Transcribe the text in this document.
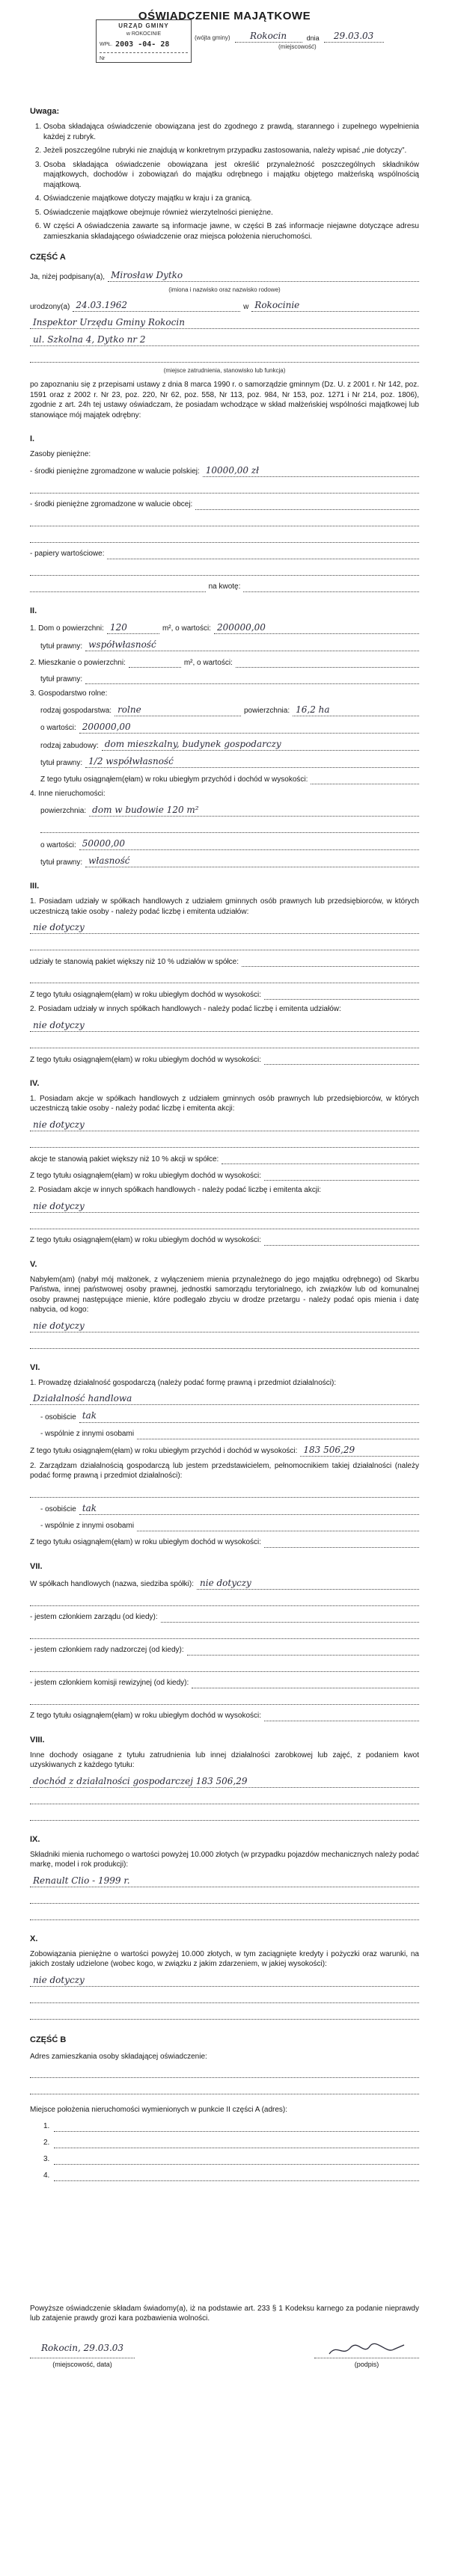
OŚWIADCZENIE MAJĄTKOWE
URZĄD GMINY
w ROKOCINIE
WPŁ. 2003 -04- 28
Nr
(wójta gminy)	Rokocin	dnia	29.03.03
(miejscowość)
Uwaga:
1. Osoba składająca oświadczenie obowiązana jest do zgodnego z prawdą, starannego i zupełnego wypełnienia każdej z rubryk.
2. Jeżeli poszczególne rubryki nie znajdują w konkretnym przypadku zastosowania, należy wpisać „nie dotyczy”.
3. Osoba składająca oświadczenie obowiązana jest określić przynależność poszczególnych składników majątkowych, dochodów i zobowiązań do majątku odrębnego i majątku objętego małżeńską wspólnością majątkową.
4. Oświadczenie majątkowe dotyczy majątku w kraju i za granicą.
5. Oświadczenie majątkowe obejmuje również wierzytelności pieniężne.
6. W części A oświadczenia zawarte są informacje jawne, w części B zaś informacje niejawne dotyczące adresu zamieszkania składającego oświadczenie oraz miejsca położenia nieruchomości.
CZĘŚĆ A
Ja, niżej podpisany(a), Mirosław Dytko
(imiona i nazwisko oraz nazwisko rodowe)
urodzony(a) 24.03.1962	w Rokocinie
Inspektor Urzędu Gminy Rokocin
ul. Szkolna 4, Dytko nr 2
(miejsce zatrudnienia, stanowisko lub funkcja)
po zapoznaniu się z przepisami ustawy z dnia 8 marca 1990 r. o samorządzie gminnym (Dz. U. z 2001 r. Nr 142, poz. 1591 oraz z 2002 r. Nr 23, poz. 220, Nr 62, poz. 558, Nr 113, poz. 984, Nr 153, poz. 1271 i Nr 214, poz. 1806), zgodnie z art. 24h tej ustawy oświadczam, że posiadam wchodzące w skład małżeńskiej wspólności majątkowej lub stanowiące mój majątek odrębny:
I.
Zasoby pieniężne:
- środki pieniężne zgromadzone w walucie polskiej: 10000,00 zł
- środki pieniężne zgromadzone w walucie obcej:
- papiery wartościowe:
na kwotę:
II.
1. Dom o powierzchni: 120	m², o wartości: 200000,00
tytuł prawny: współwłasność
2. Mieszkanie o powierzchni:	m², o wartości:
tytuł prawny:
3. Gospodarstwo rolne:
rodzaj gospodarstwa: rolne	powierzchnia: 16,2 ha
o wartości: 200000,00
rodzaj zabudowy: dom mieszkalny, budynek gospodarczy
tytuł prawny: 1/2 współwłasność
Z tego tytułu osiągnąłem(ęłam) w roku ubiegłym przychód i dochód w wysokości:
4. Inne nieruchomości:
powierzchnia: dom w budowie 120 m²
o wartości: 50000,00
tytuł prawny: własność
III.
1. Posiadam udziały w spółkach handlowych z udziałem gminnych osób prawnych lub przedsiębiorców, w których uczestniczą takie osoby - należy podać liczbę i emitenta udziałów:
nie dotyczy
udziały te stanowią pakiet większy niż 10 % udziałów w spółce:
Z tego tytułu osiągnąłem(ęłam) w roku ubiegłym dochód w wysokości:
2. Posiadam udziały w innych spółkach handlowych - należy podać liczbę i emitenta udziałów:
nie dotyczy
Z tego tytułu osiągnąłem(ęłam) w roku ubiegłym dochód w wysokości:
IV.
1. Posiadam akcje w spółkach handlowych z udziałem gminnych osób prawnych lub przedsiębiorców, w których uczestniczą takie osoby - należy podać liczbę i emitenta akcji:
nie dotyczy
akcje te stanowią pakiet większy niż 10 % akcji w spółce:
Z tego tytułu osiągnąłem(ęłam) w roku ubiegłym dochód w wysokości:
2. Posiadam akcje w innych spółkach handlowych - należy podać liczbę i emitenta akcji:
nie dotyczy
Z tego tytułu osiągnąłem(ęłam) w roku ubiegłym dochód w wysokości:
V.
Nabyłem(am) (nabył mój małżonek, z wyłączeniem mienia przynależnego do jego majątku odrębnego) od Skarbu Państwa, innej państwowej osoby prawnej, jednostki samorządu terytorialnego, ich związków lub od komunalnej osoby prawnej następujące mienie, które podlegało zbyciu w drodze przetargu - należy podać opis mienia i datę nabycia, od kogo:
nie dotyczy
VI.
1. Prowadzę działalność gospodarczą (należy podać formę prawną i przedmiot działalności):
Działalność handlowa
- osobiście tak
- wspólnie z innymi osobami
Z tego tytułu osiągnąłem(ęłam) w roku ubiegłym przychód i dochód w wysokości: 183 506,29
2. Zarządzam działalnością gospodarczą lub jestem przedstawicielem, pełnomocnikiem takiej działalności (należy podać formę prawną i przedmiot działalności):
- osobiście tak
- wspólnie z innymi osobami
Z tego tytułu osiągnąłem(ęłam) w roku ubiegłym dochód w wysokości:
VII.
W spółkach handlowych (nazwa, siedziba spółki): nie dotyczy
- jestem członkiem zarządu (od kiedy):
- jestem członkiem rady nadzorczej (od kiedy):
- jestem członkiem komisji rewizyjnej (od kiedy):
Z tego tytułu osiągnąłem(ęłam) w roku ubiegłym dochód w wysokości:
VIII.
Inne dochody osiągane z tytułu zatrudnienia lub innej działalności zarobkowej lub zajęć, z podaniem kwot uzyskiwanych z każdego tytułu:
dochód z działalności gospodarczej 183 506,29
IX.
Składniki mienia ruchomego o wartości powyżej 10.000 złotych (w przypadku pojazdów mechanicznych należy podać markę, model i rok produkcji):
Renault Clio - 1999 r.
X.
Zobowiązania pieniężne o wartości powyżej 10.000 złotych, w tym zaciągnięte kredyty i pożyczki oraz warunki, na jakich zostały udzielone (wobec kogo, w związku z jakim zdarzeniem, w jakiej wysokości):
nie dotyczy
CZĘŚĆ B
Adres zamieszkania osoby składającej oświadczenie:
Miejsce położenia nieruchomości wymienionych w punkcie II części A (adres):
1.
2.
3.
4.
Powyższe oświadczenie składam świadomy(a), iż na podstawie art. 233 § 1 Kodeksu karnego za podanie nieprawdy lub zatajenie prawdy grozi kara pozbawienia wolności.
Rokocin, 29.03.03
(miejscowość, data)	(podpis)
